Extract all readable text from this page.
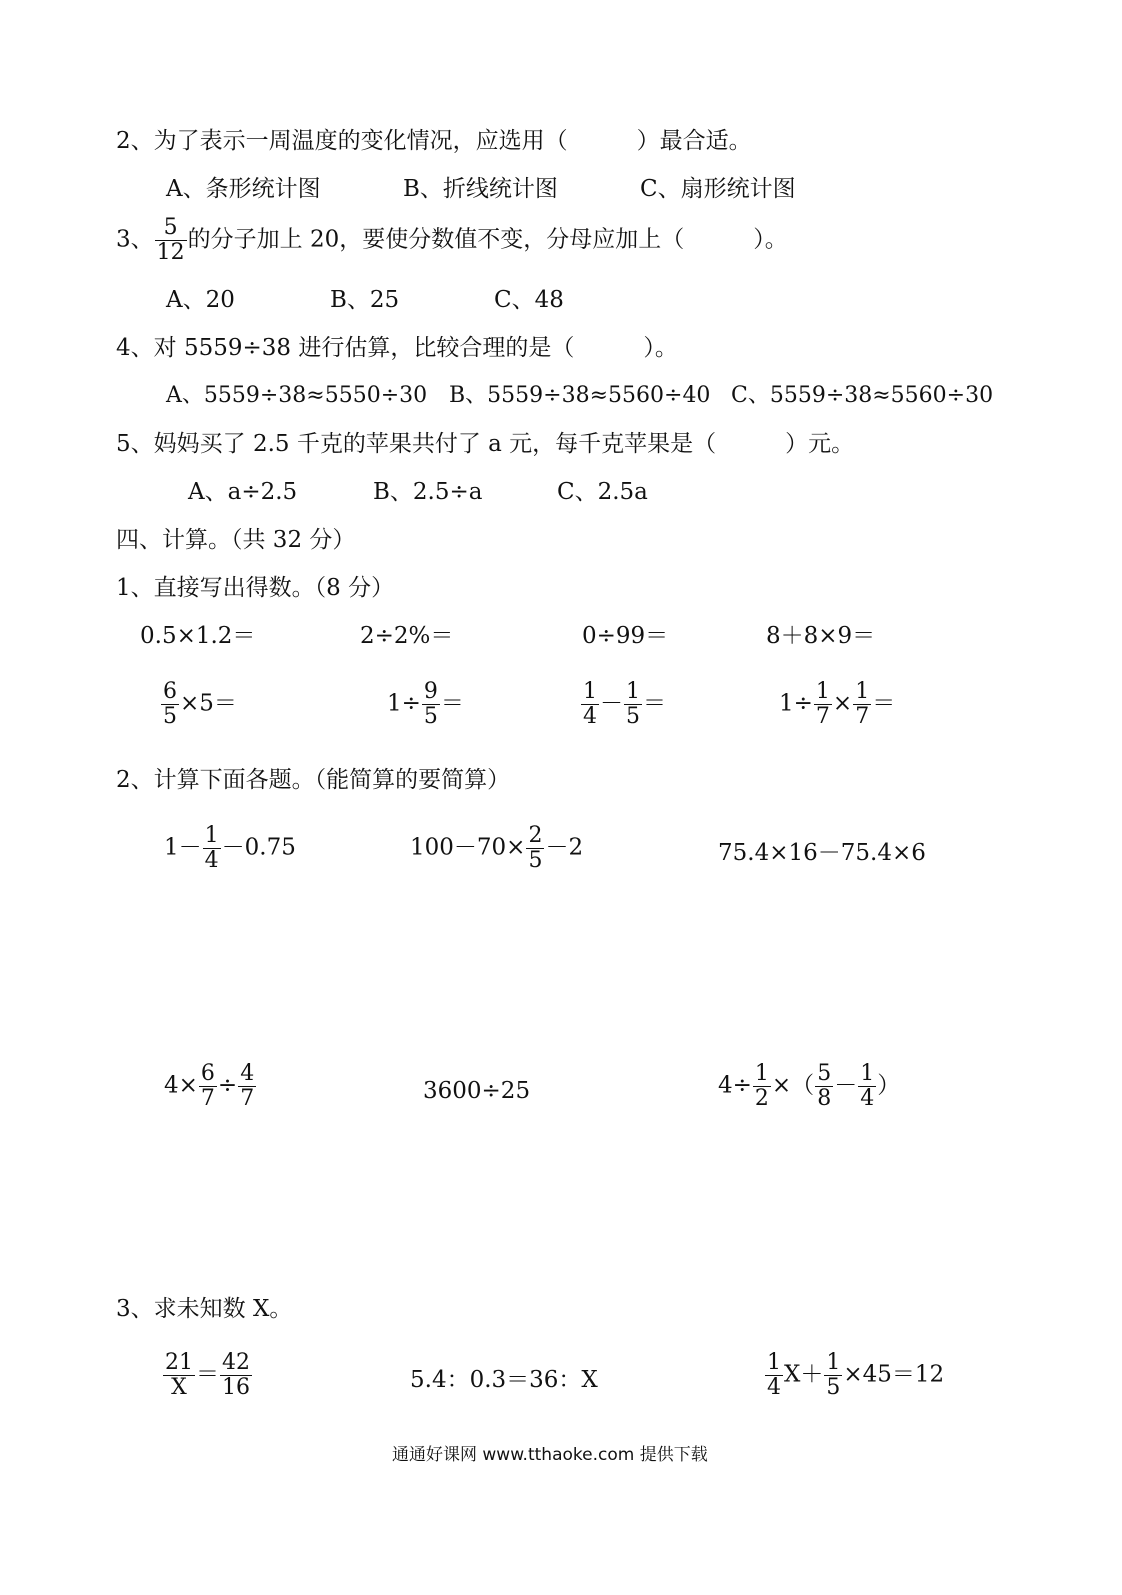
2、为了表示一周温度的变化情况，应选用（　　　）最合适。
A、条形统计图	B、折线统计图	C、扇形统计图
3、 $\frac{5}{12}$ 的分子加上 20，要使分数值不变，分母应加上（　　　）。
A、20	B、25	C、48
4、对 5559÷38 进行估算，比较合理的是（　　　）。
A、5559÷38≈5550÷30 B、5559÷38≈5560÷40 C、5559÷38≈5560÷30
5、妈妈买了 2.5 千克的苹果共付了 a 元，每千克苹果是（　　　）元。
A、a÷2.5	B、2.5÷a	C、2.5a
四、计算。（共 32 分）
1、直接写出得数。（8 分）
0.5×1.2＝	2÷2%＝	0÷99＝	8＋8×9＝
$\frac{6}{5} \times 5=$	$1\div \frac{9}{5}$ ＝	$\frac{1}{4} - \frac{1}{5}$ ＝	$1\div \frac{1}{7} \times \frac{1}{7}$ ＝
2、计算下面各题。（能简算的要简算）
$1- \frac{1}{4} -0.75$	$100-70\times \frac{2}{5} -2$	75.4×16－75.4×6
$4\times \frac{6}{7} \div \frac{4}{7}$	3600÷25	$4\div \frac{1}{2}$ ×（ $\frac{5}{8} - \frac{1}{4}$ ）
3、求未知数 X。
$\frac{21}{X} = \frac{42}{16}$	5.4：0.3＝36：X	$\frac{1}{4} X+ \frac{1}{5} \times 45=12$
通通好课网 www.tthaoke.com 提供下载
